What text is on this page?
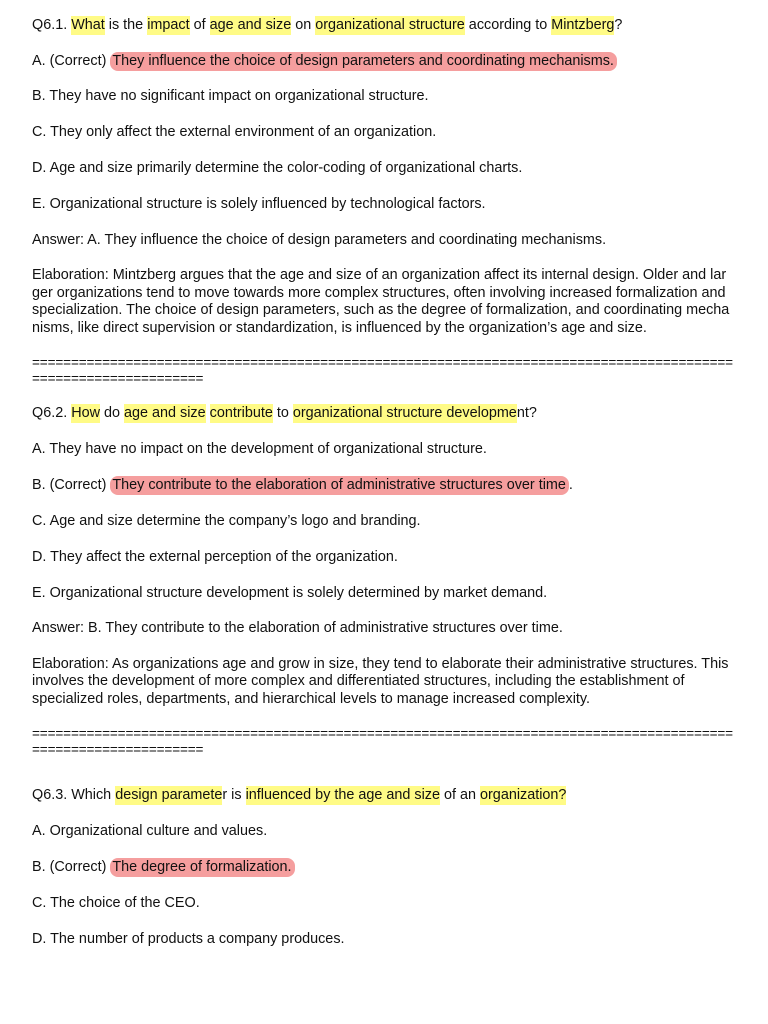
Q6.1. What is the impact of age and size on organizational structure according to Mintzberg?

A. (Correct) They influence the choice of design parameters and coordinating mechanisms.

B. They have no significant impact on organizational structure.

C. They only affect the external environment of an organization.

D. Age and size primarily determine the color-coding of organizational charts.

E. Organizational structure is solely influenced by technological factors.

Answer: A. They influence the choice of design parameters and coordinating mechanisms.

Elaboration: Mintzberg argues that the age and size of an organization affect its internal design. Older and larger organizations tend to move towards more complex structures, often involving increased formalization and specialization. The choice of design parameters, such as the degree of formalization, and coordinating mechanisms, like direct supervision or standardization, is influenced by the organization’s age and size.

================================================================================================================

Q6.2. How do age and size contribute to organizational structure development?

A. They have no impact on the development of organizational structure.

B. (Correct) They contribute to the elaboration of administrative structures over time .

C. Age and size determine the company’s logo and branding.

D. They affect the external perception of the organization.

E. Organizational structure development is solely determined by market demand.

Answer: B. They contribute to the elaboration of administrative structures over time.

Elaboration: As organizations age and grow in size, they tend to elaborate their administrative structures. This involves the development of more complex and differentiated structures, including the establishment of specialized roles, departments, and hierarchical levels to manage increased complexity.

================================================================================================================

Q6.3. Which design parameter is influenced by the age and size of an organization?

A. Organizational culture and values.

B. (Correct) The degree of formalization.

C. The choice of the CEO.

D. The number of products a company produces.
